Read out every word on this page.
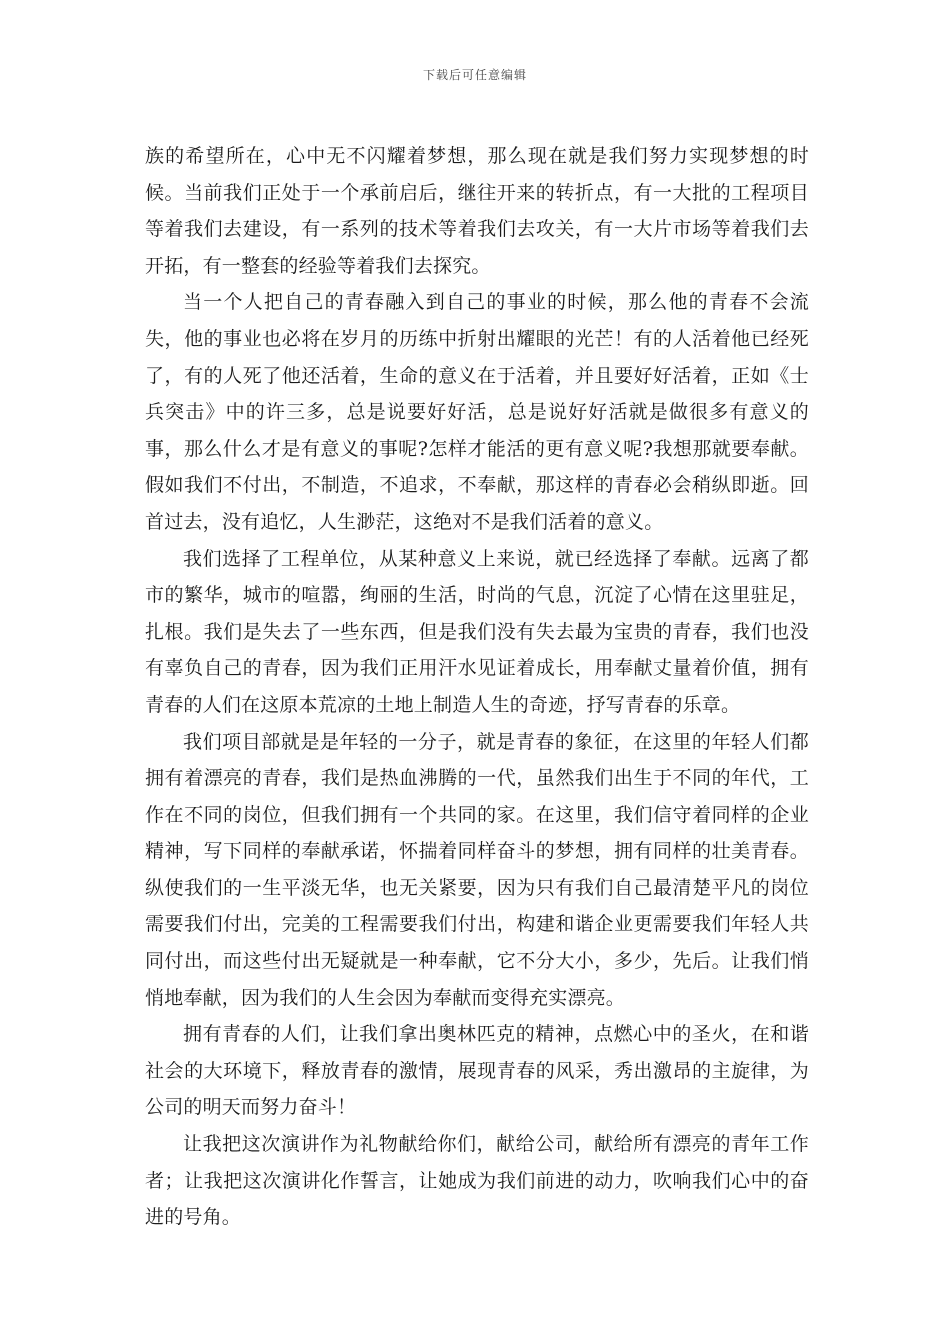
下载后可任意编辑

族的希望所在，心中无不闪耀着梦想，那么现在就是我们努力实现梦想的时候。当前我们正处于一个承前启后，继往开来的转折点，有一大批的工程项目等着我们去建设，有一系列的技术等着我们去攻关，有一大片市场等着我们去开拓，有一整套的经验等着我们去探究。

当一个人把自己的青春融入到自己的事业的时候，那么他的青春不会流失，他的事业也必将在岁月的历练中折射出耀眼的光芒！有的人活着他已经死了，有的人死了他还活着，生命的意义在于活着，并且要好好活着，正如《士兵突击》中的许三多，总是说要好好活，总是说好好活就是做很多有意义的事，那么什么才是有意义的事呢?怎样才能活的更有意义呢?我想那就要奉献。假如我们不付出，不制造，不追求，不奉献，那这样的青春必会稍纵即逝。回首过去，没有追忆，人生渺茫，这绝对不是我们活着的意义。

我们选择了工程单位，从某种意义上来说，就已经选择了奉献。远离了都市的繁华，城市的喧嚣，绚丽的生活，时尚的气息，沉淀了心情在这里驻足，扎根。我们是失去了一些东西，但是我们没有失去最为宝贵的青春，我们也没有辜负自己的青春，因为我们正用汗水见证着成长，用奉献丈量着价值，拥有青春的人们在这原本荒凉的土地上制造人生的奇迹，抒写青春的乐章。

我们项目部就是是年轻的一分子，就是青春的象征，在这里的年轻人们都拥有着漂亮的青春，我们是热血沸腾的一代，虽然我们出生于不同的年代，工作在不同的岗位，但我们拥有一个共同的家。在这里，我们信守着同样的企业精神，写下同样的奉献承诺，怀揣着同样奋斗的梦想，拥有同样的壮美青春。纵使我们的一生平淡无华，也无关紧要，因为只有我们自己最清楚平凡的岗位需要我们付出，完美的工程需要我们付出，构建和谐企业更需要我们年轻人共同付出，而这些付出无疑就是一种奉献，它不分大小，多少，先后。让我们悄悄地奉献，因为我们的人生会因为奉献而变得充实漂亮。

拥有青春的人们，让我们拿出奥林匹克的精神，点燃心中的圣火，在和谐社会的大环境下，释放青春的激情，展现青春的风采，秀出激昂的主旋律，为公司的明天而努力奋斗！

让我把这次演讲作为礼物献给你们，献给公司，献给所有漂亮的青年工作者；让我把这次演讲化作誓言，让她成为我们前进的动力，吹响我们心中的奋进的号角。
